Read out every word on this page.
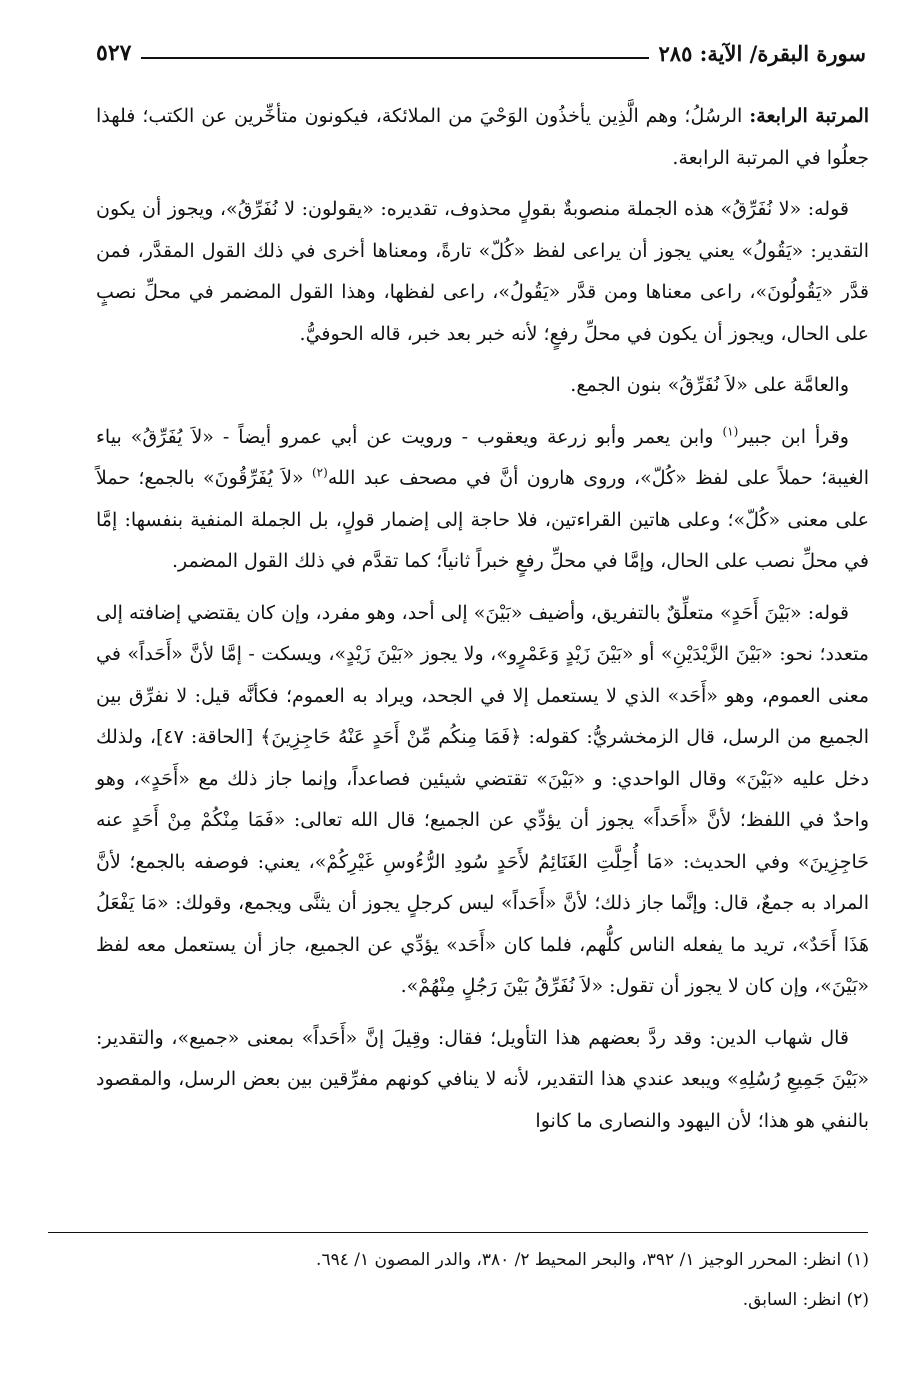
سورة البقرة/ الآية: ٢٨٥
٥٢٧

المرتبة الرابعة: الرسُلُ؛ وهم الَّذِين يأخذُون الوَحْيَ من الملائكة، فيكونون متأخِّرين عن الكتب؛ فلهذا جعلُوا في المرتبة الرابعة.

قوله: «لا نُفَرِّقُ» هذه الجملة منصوبةٌ بقولٍ محذوف، تقديره: «يقولون: لا نُفَرِّقُ»، ويجوز أن يكون التقدير: «يَقُولُ» يعني يجوز أن يراعى لفظ «كُلّ» تارةً، ومعناها أخرى في ذلك القول المقدَّر، فمن قدَّر «يَقُولُونَ»، راعى معناها ومن قدَّر «يَقُولُ»، راعى لفظها، وهذا القول المضمر في محلِّ نصبٍ على الحال، ويجوز أن يكون في محلِّ رفعٍ؛ لأنه خبر بعد خبر، قاله الحوفيُّ.

والعامَّة على «لاَ نُفَرِّقُ» بنون الجمع.

وقرأ ابن جبير$^{(١)}$ وابن يعمر وأبو زرعة ويعقوب - ورويت عن أبي عمرو أيضاً - «لاَ يُفَرِّقُ» بياء الغيبة؛ حملاً على لفظ «كُلّ»، وروى هارون أنَّ في مصحف عبد الله$^{(٢)}$ «لاَ يُفَرِّقُونَ» بالجمع؛ حملاً على معنى «كُلّ»؛ وعلى هاتين القراءتين، فلا حاجة إلى إضمار قولٍ، بل الجملة المنفية بنفسها: إمَّا في محلِّ نصب على الحال، وإمَّا في محلِّ رفعٍ خبراً ثانياً؛ كما تقدَّم في ذلك القول المضمر.

قوله: «بَيْنَ أَحَدٍ» متعلِّقٌ بالتفريق، وأضيف «بَيْنَ» إلى أحد، وهو مفرد، وإن كان يقتضي إضافته إلى متعدد؛ نحو: «بَيْنَ الزَّيْدَيْنِ» أو «بَيْنَ زَيْدٍ وَعَمْرٍو»، ولا يجوز «بَيْنَ زَيْدٍ»، ويسكت - إمَّا لأنَّ «أَحَداً» في معنى العموم، وهو «أَحَد» الذي لا يستعمل إلا في الجحد، ويراد به العموم؛ فكأنَّه قيل: لا نفرِّق بين الجميع من الرسل، قال الزمخشريُّ: كقوله: ﴿فَمَا مِنكُم مِّنْ أَحَدٍ عَنْهُ حَاجِزِينَ﴾ [الحاقة: ٤٧]، ولذلك دخل عليه «بَيْنَ» وقال الواحدي: و «بَيْنَ» تقتضي شيئين فصاعداً، وإنما جاز ذلك مع «أَحَدٍ»، وهو واحدٌ في اللفظ؛ لأنَّ «أَحَداً» يجوز أن يؤدِّي عن الجميع؛ قال الله تعالى: «فَمَا مِنْكُمْ مِنْ أَحَدٍ عنه حَاجِزِينَ» وفي الحديث: «مَا أُحِلَّتِ الغَنَائِمُ لأَحَدٍ سُودِ الرُّءُوسِ غَيْرِكُمْ»، يعني: فوصفه بالجمع؛ لأنَّ المراد به جمعٌ، قال: وإنَّما جاز ذلك؛ لأنَّ «أَحَداً» ليس كرجلٍ يجوز أن يثنَّى ويجمع، وقولك: «مَا يَفْعَلُ هَذَا أَحَدٌ»، تريد ما يفعله الناس كلُّهم، فلما كان «أَحَد» يؤدِّي عن الجميع، جاز أن يستعمل معه لفظ «بَيْنَ»، وإن كان لا يجوز أن تقول: «لاَ نُفَرِّقُ بَيْنَ رَجُلٍ مِنْهُمْ».

قال شهاب الدين: وقد ردَّ بعضهم هذا التأويل؛ فقال: وقِيلَ إنَّ «أَحَداً» بمعنى «جميع»، والتقدير: «بَيْنَ جَمِيعِ رُسُلِهِ» ويبعد عندي هذا التقدير، لأنه لا ينافي كونهم مفرِّقين بين بعض الرسل، والمقصود بالنفي هو هذا؛ لأن اليهود والنصارى ما كانوا

(١) انظر: المحرر الوجيز ١/ ٣٩٢، والبحر المحيط ٢/ ٣٨٠، والدر المصون ١/ ٦٩٤.
(٢) انظر: السابق.
